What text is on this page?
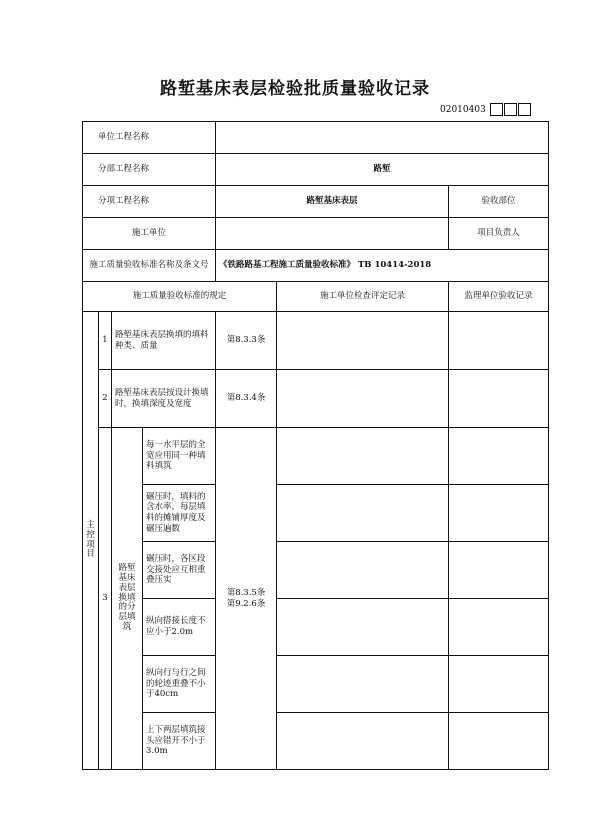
路堑基床表层检验批质量验收记录
02010403
单位工程名称						
分部工程名称				路堑		
分项工程名称				路堑基床表层		验收部位
施工单位						项目负责人
施工质量验收标准名称及条文号				《铁路路基工程施工质量验收标准》 TB 10414-2018		
施工质量验收标准的规定					施工单位检查评定记录	监理单位验收记录

主控项目	1	路堑基床表层换填的填料种类、质量		第8.3.3条		
	2	路堑基床表层按设计换填时，换填深度及宽度		第8.3.4条		
	3	路堑基床表层换填的分层填筑	每一水平层的全宽应用同一种填料填筑	第8.3.5条
第9.2.6条		

			碾压时，填料的含水率，每层填料的摊铺厚度及碾压遍数			
			碾压时，各区段交接处应互相重叠压实			
			纵向搭接长度不应小于2.0m			
			纵向行与行之间的轮迹重叠不小于40cm			
			上下两层填筑接头应错开不小于3.0m			
